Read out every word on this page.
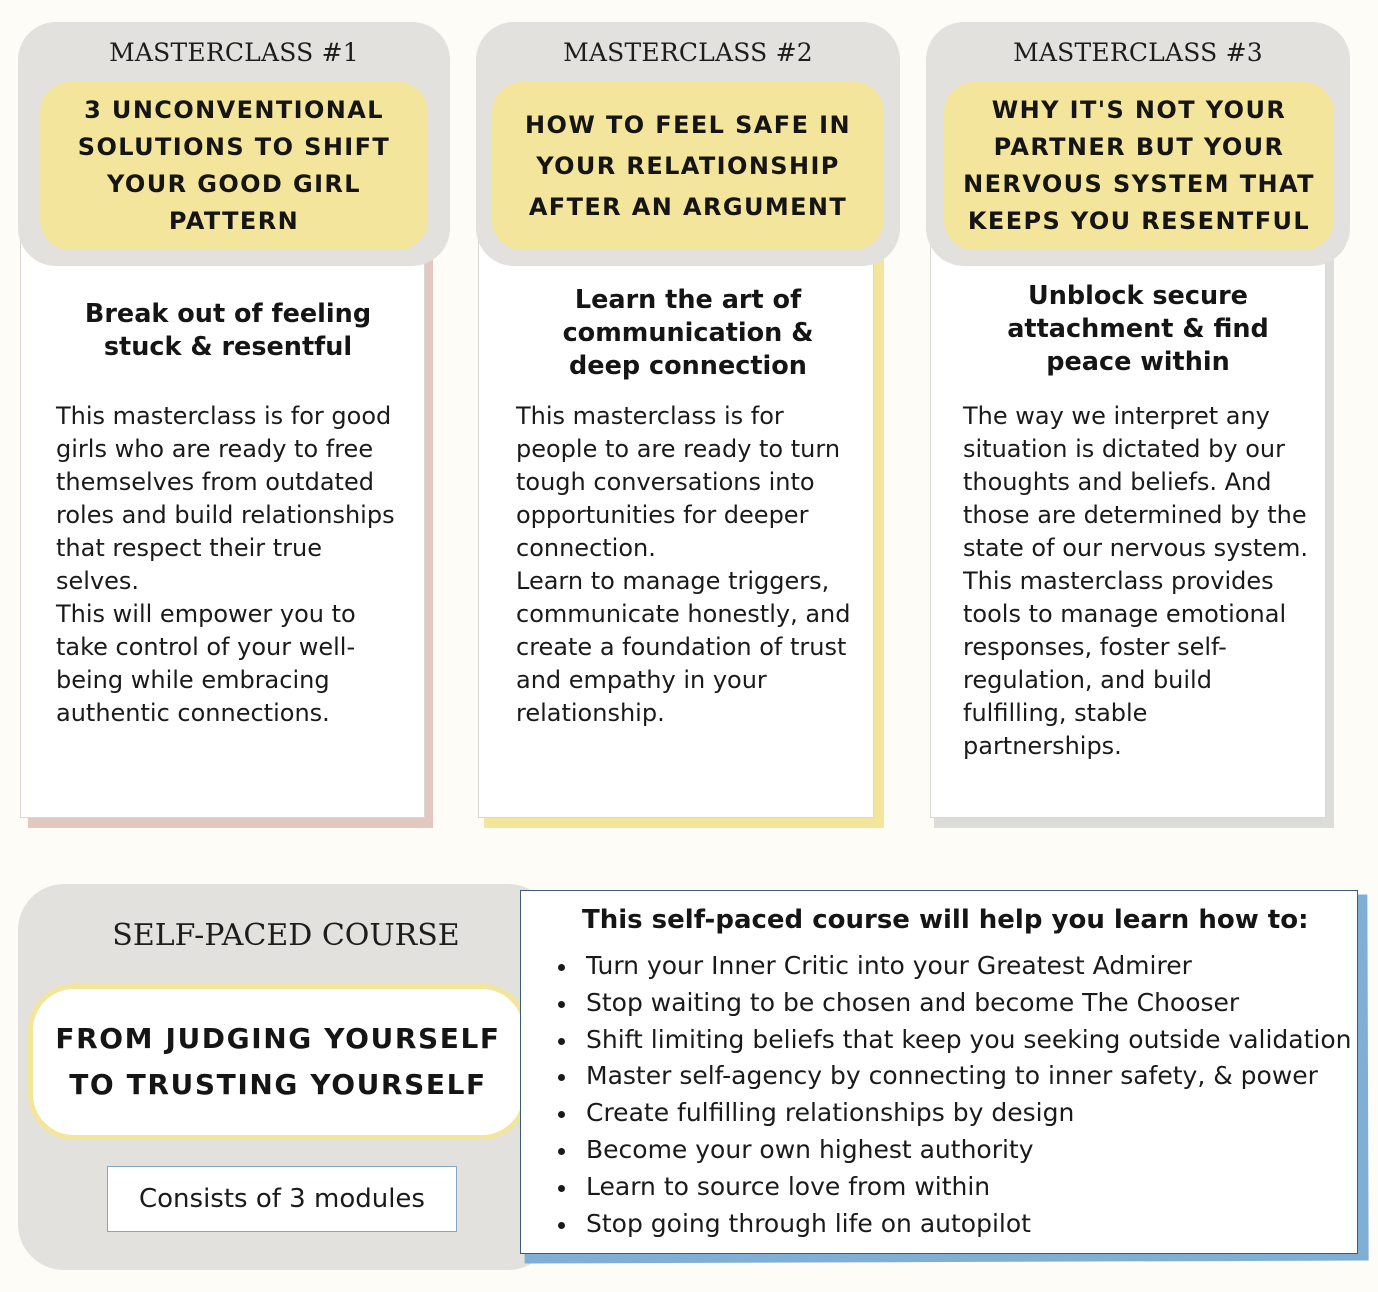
MASTERCLASS #1
3 UNCONVENTIONAL SOLUTIONS TO SHIFT YOUR GOOD GIRL PATTERN
Break out of feeling stuck & resentful

This masterclass is for good girls who are ready to free themselves from outdated roles and build relationships that respect their true selves.

This will empower you to take control of your well-being while embracing authentic connections.

MASTERCLASS #2
HOW TO FEEL SAFE IN YOUR RELATIONSHIP AFTER AN ARGUMENT
Learn the art of communication & deep connection

This masterclass is for people to are ready to turn tough conversations into opportunities for deeper connection.

Learn to manage triggers, communicate honestly, and create a foundation of trust and empathy in your relationship.

MASTERCLASS #3
WHY IT'S NOT YOUR PARTNER BUT YOUR NERVOUS SYSTEM THAT KEEPS YOU RESENTFUL
Unblock secure attachment & find peace within

The way we interpret any situation is dictated by our thoughts and beliefs. And those are determined by the state of our nervous system.

This masterclass provides tools to manage emotional responses, foster self-regulation, and build fulfilling, stable partnerships.

SELF-PACED COURSE
FROM JUDGING YOURSELF TO TRUSTING YOURSELF
Consists of 3 modules
This self-paced course will help you learn how to:
Turn your Inner Critic into your Greatest Admirer
Stop waiting to be chosen and become The Chooser
Shift limiting beliefs that keep you seeking outside validation
Master self-agency by connecting to inner safety, & power
Create fulfilling relationships by design
Become your own highest authority
Learn to source love from within
Stop going through life on autopilot
